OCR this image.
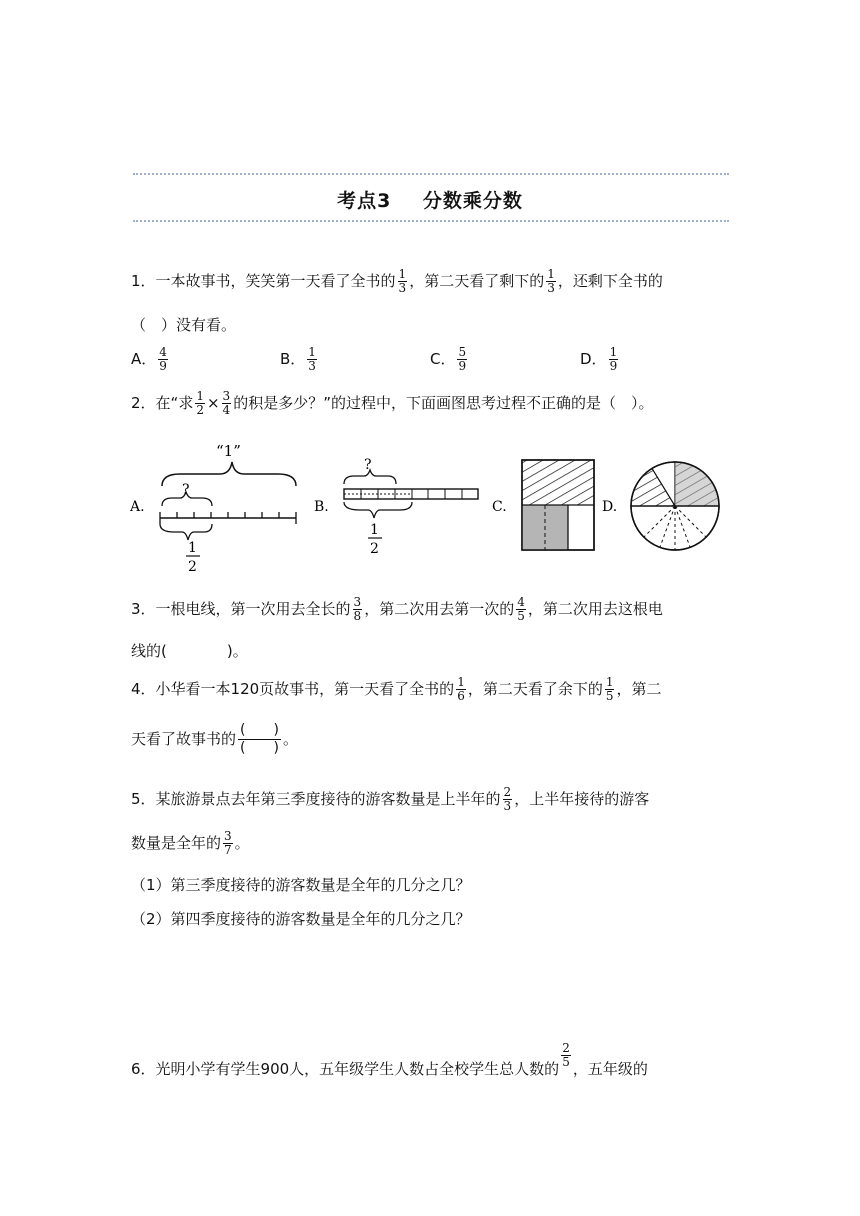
考点3 分数乘分数
1．一本故事书，笑笑第一天看了全书的 $\frac{1}{3}$ ，第二天看了剩下的 $\frac{1}{3}$ ，还剩下全书的
（　）没有看。
A． $\frac{4}{9}$	B． $\frac{1}{3}$	C． $\frac{5}{9}$	D． $\frac{1}{9}$
2．在“求 $\frac{1}{2} \times \frac{3}{4}$ 的积是多少？”的过程中，下面画图思考过程不正确的是（　）。
A.
“1”
?
1
2
B.
?
1
2
C.	D.
3．一根电线，第一次用去全长的 $\frac{3}{8}$ ，第二次用去第一次的 $\frac{4}{5}$ ，第二次用去这根电
线的(　　　　)。
4．小华看一本120页故事书，第一天看了全书的 $\frac{1}{6}$ ，第二天看了余下的 $\frac{1}{5}$ ，第二
天看了故事书的 (　　)
(　　) 。
5．某旅游景点去年第三季度接待的游客数量是上半年的 $\frac{2}{3}$ ，上半年接待的游客
数量是全年的 $\frac{3}{7}$ 。
（1）第三季度接待的游客数量是全年的几分之几？
（2）第四季度接待的游客数量是全年的几分之几？
6．光明小学有学生900人，五年级学生人数占全校学生总人数的 $\frac{2}{5}$ ，五年级的
